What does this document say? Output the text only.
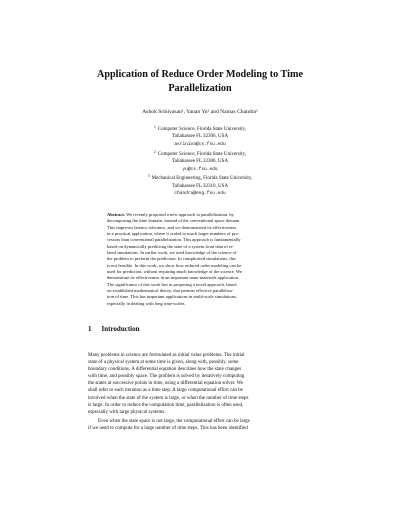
Application of Reduce Order Modeling to Time
Parallelization
Ashok Srinivasan¹, Yanan Yu² and Namas Chandra³
$^1$ Computer Science, Florida State University,
Tallahassee FL 32306, USA
asriniva@cs.fsu.edu
$^2$ Computer Science, Florida State University,
Tallahassee FL 32306, USA
yu@cs.fsu.edu
$^3$ Mechanical Engineering, Florida State University,
Tallahassee FL 32310, USA
chandra@eng.fsu.edu
Abstract. We recently proposed a new approach to parallelization, by
decomposing the time domain, instead of the conventional space domain.
This improves latency tolerance, and we demonstrated its effectiveness
in a practical application, where it scaled to much larger numbers of pro-
cessors than conventional parallelization. This approach is fundamentally
based on dynamically predicting the state of a system from data of re-
lated simulations. In earlier work, we used knowledge of the science of
the problem to perform the prediction. In complicated simulations, this
is not feasible. In this work, we show how reduced order modeling can be
used for prediction, without requiring much knowledge of the science. We
demonstrate its effectiveness in an important nano-materials application.
The significance of this work lies in proposing a novel approach, based
on established mathematical theory, that permits effective paralleliza-
tion of time. This has important applications in multi-scale simulations,
especially in dealing with long time-scales.
1 Introduction
Many problems in science are formulated as initial value problems. The initial
state of a physical system at some time is given, along with, possibly, some
boundary conditions. A differential equation describes how the state changes
with time, and possibly space. The problem is solved by iteratively computing
the states at successive points in time, using a differential equation solver. We
shall refer to each iteration as a time step. A large computational effort can be
involved when the state of the system is large, or when the number of time steps
is large. In order to reduce the computation time, parallelization is often used,
especially with large physical systems.
Even when the state space is not large, the computational effort can be large
if we need to compute for a large number of time steps. This has been identified
